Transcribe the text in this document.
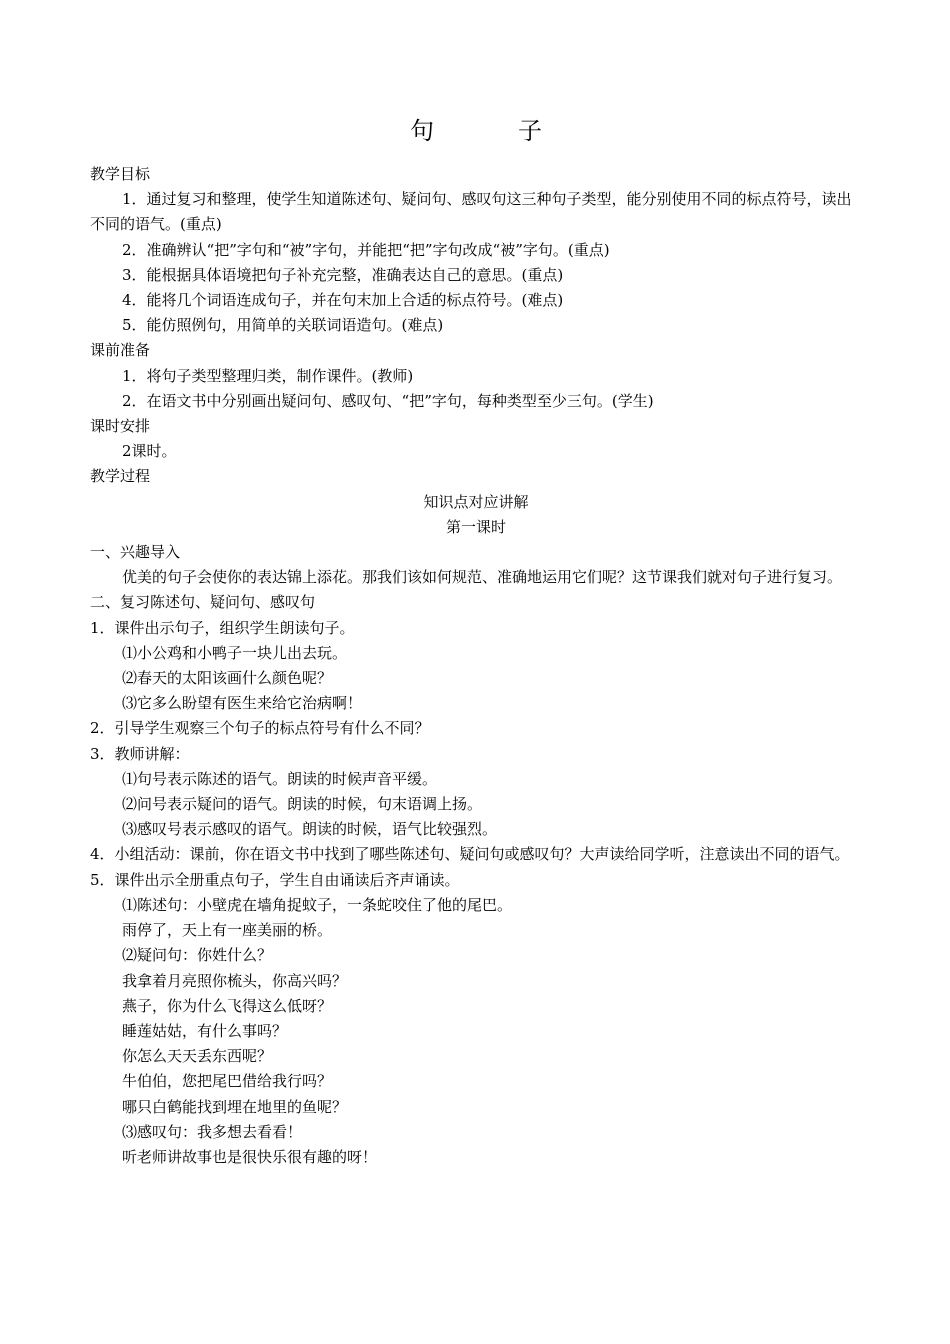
句　子

教学目标

1．通过复习和整理，使学生知道陈述句、疑问句、感叹句这三种句子类型，能分别使用不同的标点符号，读出不同的语气。(重点)

2．准确辨认“把”字句和“被”字句，并能把“把”字句改成“被”字句。(重点)

3．能根据具体语境把句子补充完整，准确表达自己的意思。(重点)

4．能将几个词语连成句子，并在句末加上合适的标点符号。(难点)

5．能仿照例句，用简单的关联词语造句。(难点)

课前准备

1．将句子类型整理归类，制作课件。(教师)

2．在语文书中分别画出疑问句、感叹句、“把”字句，每种类型至少三句。(学生)

课时安排

2课时。

教学过程

知识点对应讲解

第一课时

一、兴趣导入

优美的句子会使你的表达锦上添花。那我们该如何规范、准确地运用它们呢？这节课我们就对句子进行复习。

二、复习陈述句、疑问句、感叹句

1．课件出示句子，组织学生朗读句子。

⑴小公鸡和小鸭子一块儿出去玩。

⑵春天的太阳该画什么颜色呢？

⑶它多么盼望有医生来给它治病啊！

2．引导学生观察三个句子的标点符号有什么不同？

3．教师讲解：

⑴句号表示陈述的语气。朗读的时候声音平缓。

⑵问号表示疑问的语气。朗读的时候，句末语调上扬。

⑶感叹号表示感叹的语气。朗读的时候，语气比较强烈。

4．小组活动：课前，你在语文书中找到了哪些陈述句、疑问句或感叹句？大声读给同学听，注意读出不同的语气。

5．课件出示全册重点句子，学生自由诵读后齐声诵读。

⑴陈述句：小壁虎在墙角捉蚊子，一条蛇咬住了他的尾巴。

雨停了，天上有一座美丽的桥。

⑵疑问句：你姓什么？

我拿着月亮照你梳头，你高兴吗？

燕子，你为什么飞得这么低呀？

睡莲姑姑，有什么事吗？

你怎么天天丢东西呢？

牛伯伯，您把尾巴借给我行吗？

哪只白鹤能找到埋在地里的鱼呢？

⑶感叹句：我多想去看看！

听老师讲故事也是很快乐很有趣的呀！
